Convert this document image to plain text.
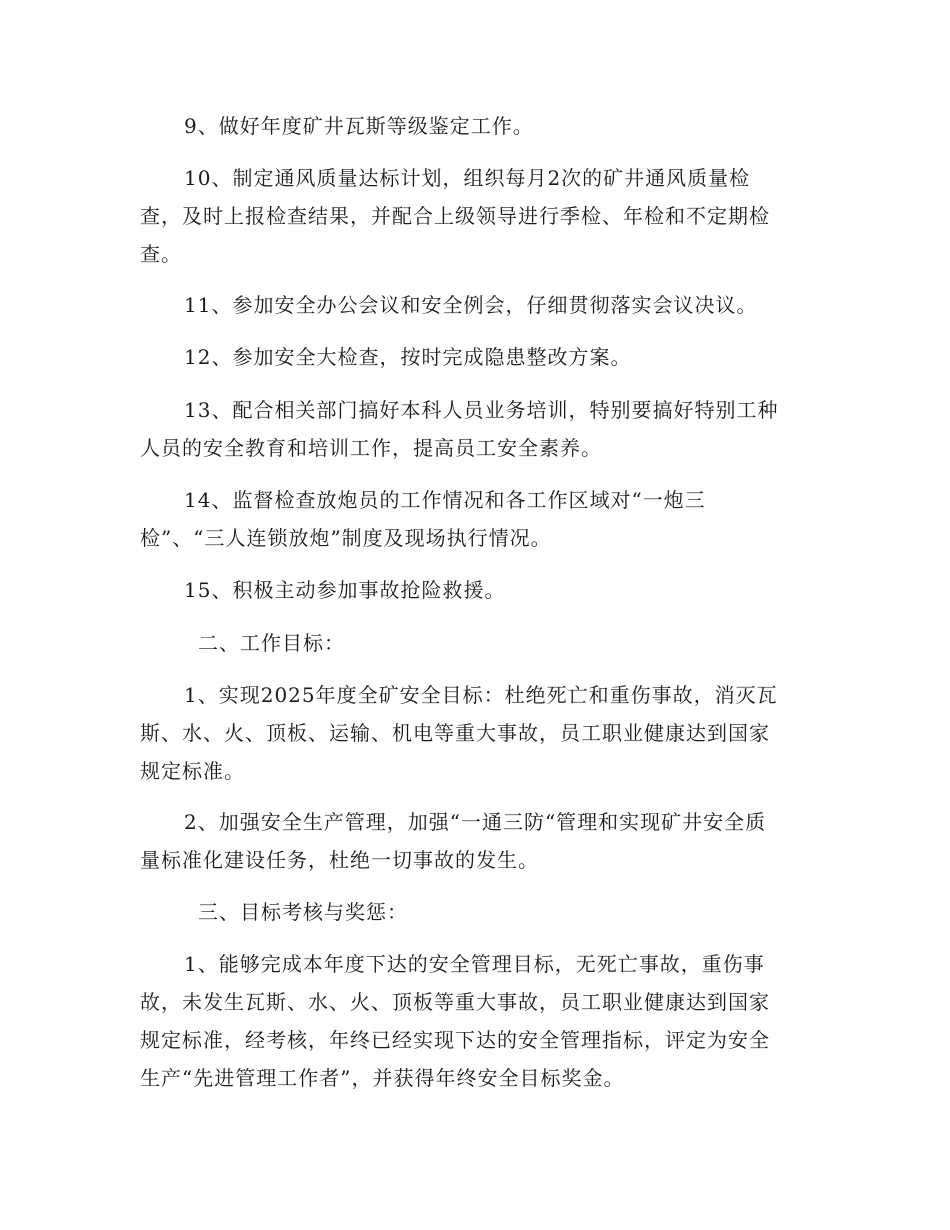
9、做好年度矿井瓦斯等级鉴定工作。

10、制定通风质量达标计划，组织每月2次的矿井通风质量检
查，及时上报检查结果，并配合上级领导进行季检、年检和不定期检
查。

11、参加安全办公会议和安全例会，仔细贯彻落实会议决议。

12、参加安全大检查，按时完成隐患整改方案。

13、配合相关部门搞好本科人员业务培训，特别要搞好特别工种
人员的安全教育和培训工作，提高员工安全素养。

14、监督检查放炮员的工作情况和各工作区域对“一炮三
检”、“三人连锁放炮”制度及现场执行情况。

15、积极主动参加事故抢险救援。

二、工作目标：

1、实现2025年度全矿安全目标：杜绝死亡和重伤事故，消灭瓦
斯、水、火、顶板、运输、机电等重大事故，员工职业健康达到国家
规定标准。

2、加强安全生产管理，加强“一通三防“管理和实现矿井安全质
量标准化建设任务，杜绝一切事故的发生。

三、目标考核与奖惩：

1、能够完成本年度下达的安全管理目标，无死亡事故，重伤事
故，未发生瓦斯、水、火、顶板等重大事故，员工职业健康达到国家
规定标准，经考核，年终已经实现下达的安全管理指标，评定为安全
生产“先进管理工作者”，并获得年终安全目标奖金。
